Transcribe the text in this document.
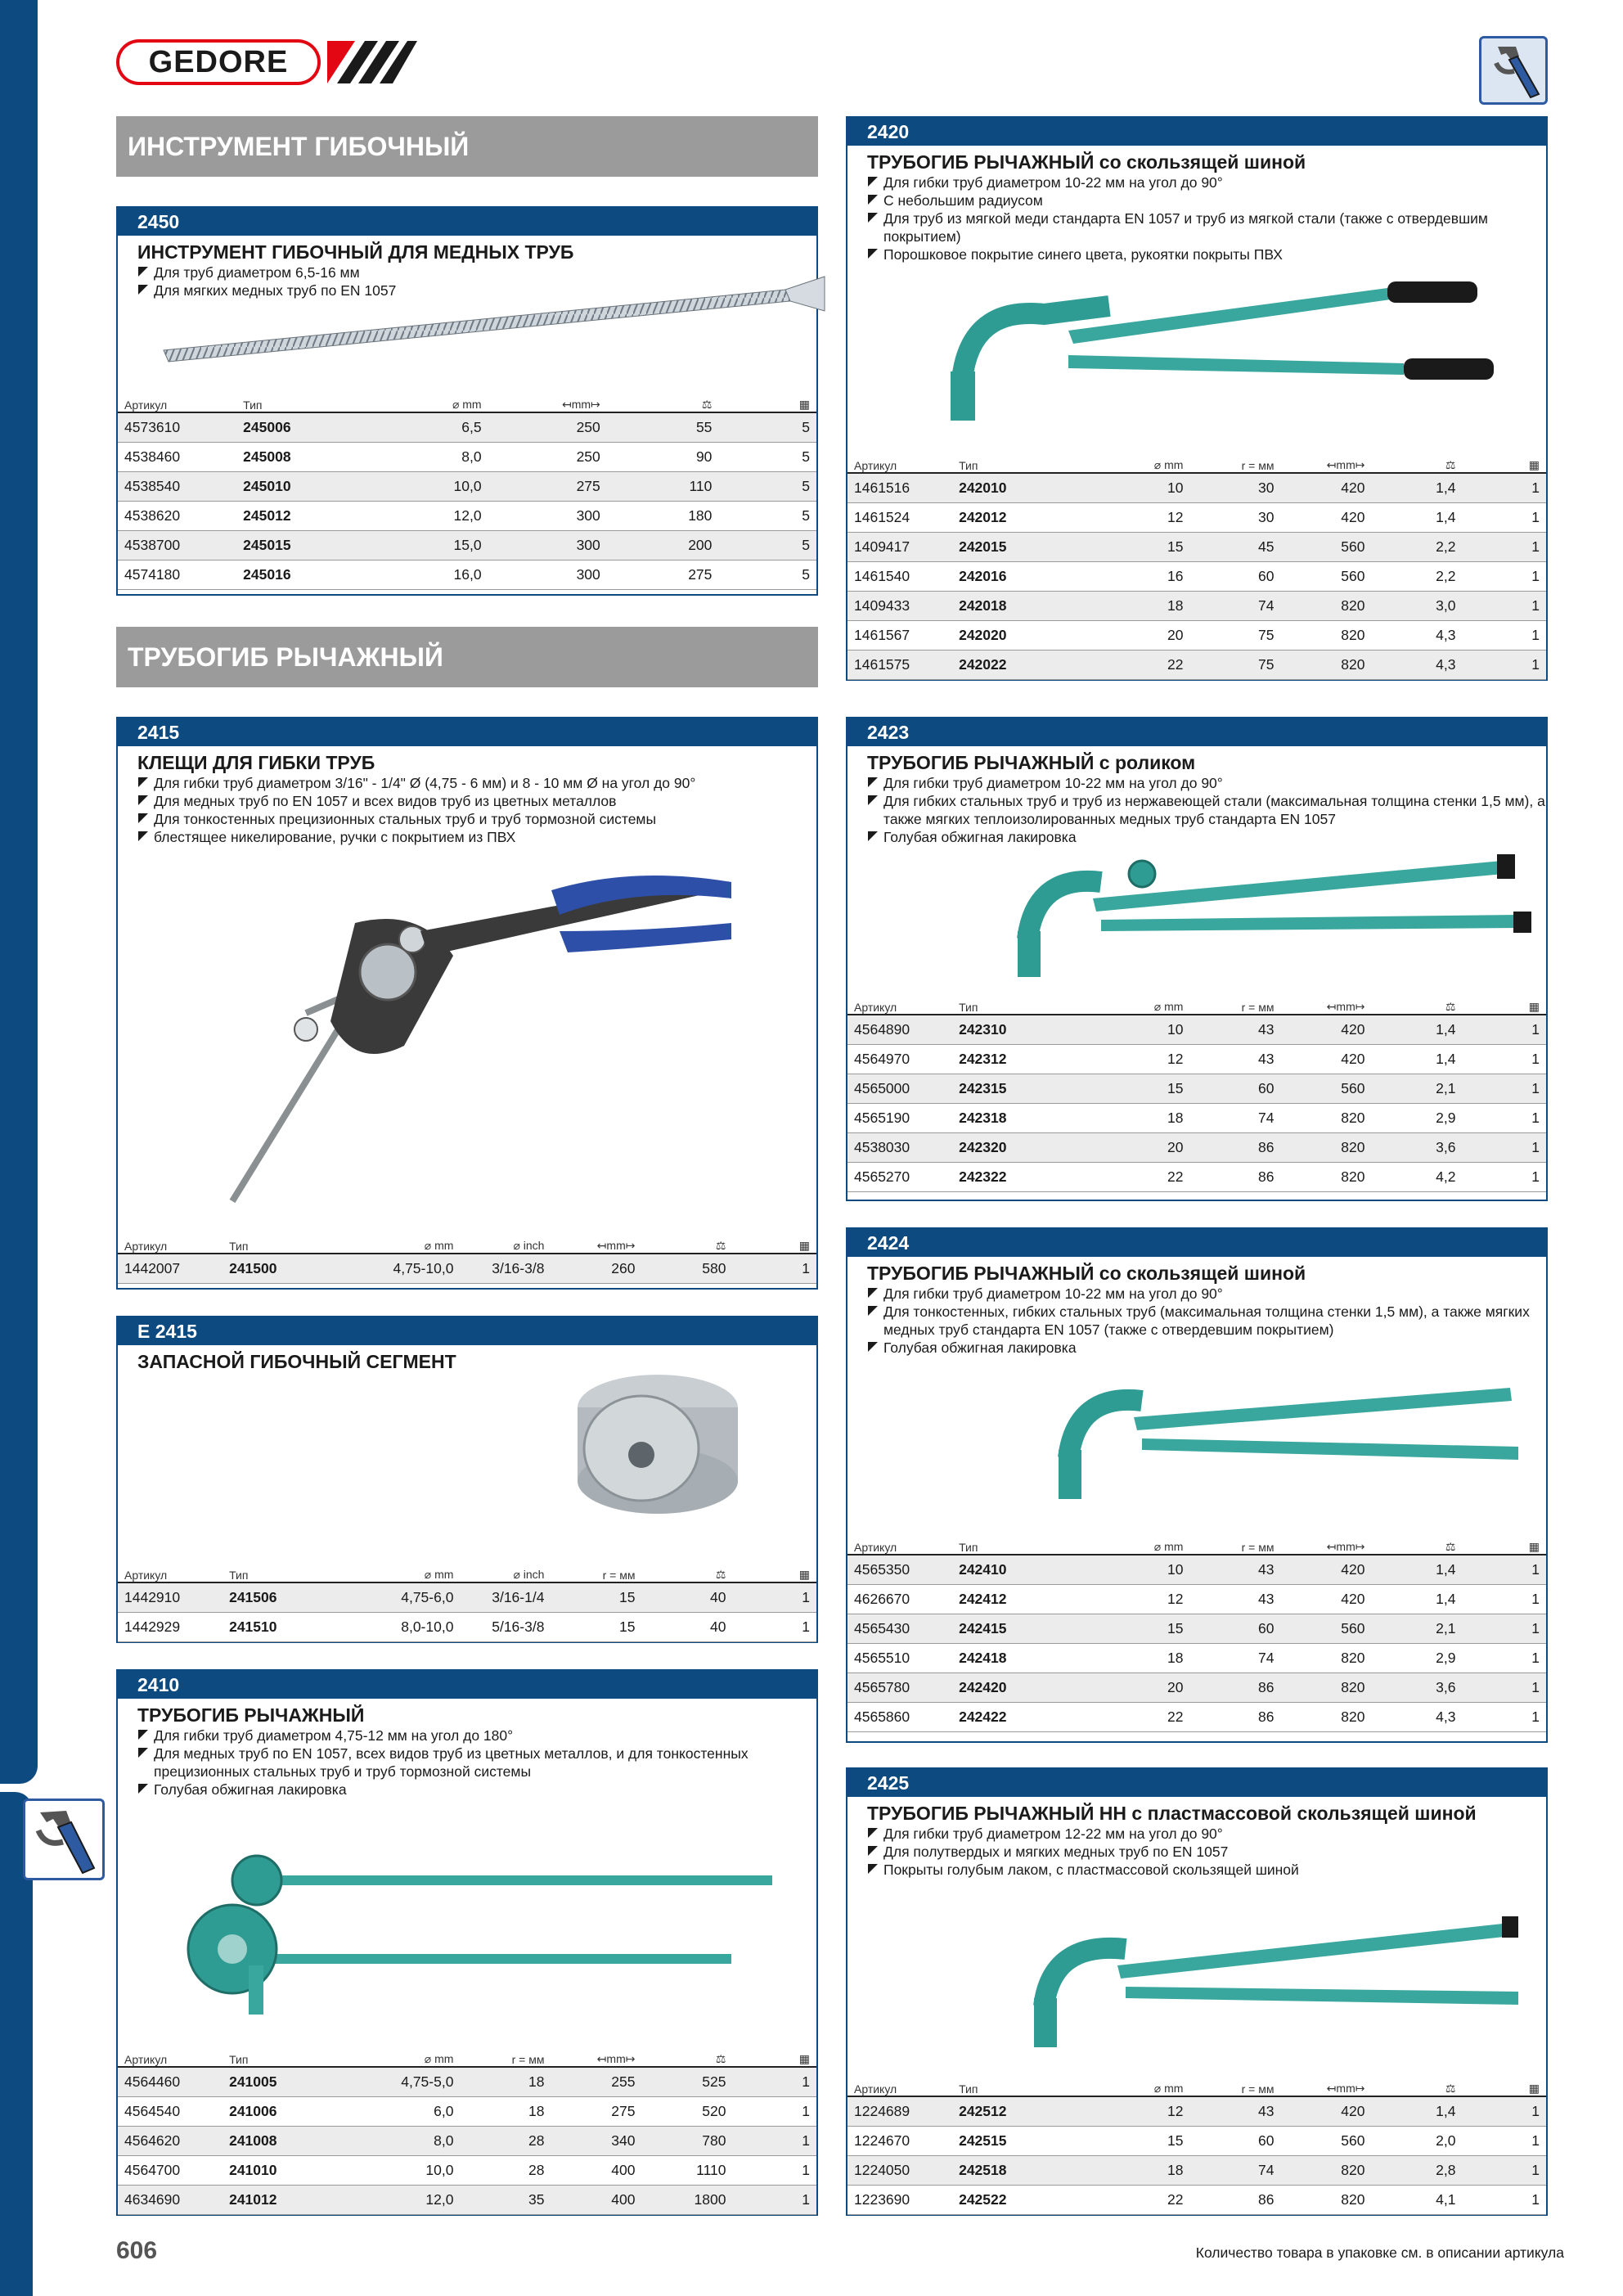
GEDORE
ИНСТРУМЕНТ ГИБОЧНЫЙ
ТРУБОГИБ РЫЧАЖНЫЙ
2450
ИНСТРУМЕНТ ГИБОЧНЫЙ ДЛЯ МЕДНЫХ ТРУБ
Для труб диаметром 6,5-16 мм
Для мягких медных труб по EN 1057
2415
КЛЕЩИ ДЛЯ ГИБКИ ТРУБ
Для гибки труб диаметром 3/16" - 1/4" Ø (4,75 - 6 мм) и 8 - 10 мм Ø на угол до 90°
Для медных труб по EN 1057 и всех видов труб из цветных металлов
Для тонкостенных прецизионных стальных труб и труб тормозной системы
блестящее никелирование, ручки с покрытием из ПВХ
E 2415
ЗАПАСНОЙ ГИБОЧНЫЙ СЕГМЕНТ
2410
ТРУБОГИБ РЫЧАЖНЫЙ
Для гибки труб диаметром 4,75-12 мм на угол до 180°
Для медных труб по EN 1057, всех видов труб из цветных металлов, и для тонкостенных прецизионных стальных труб и труб тормозной системы
Голубая обжигная лакировка
2420
ТРУБОГИБ РЫЧАЖНЫЙ со скользящей шиной
Для гибки труб диаметром 10-22 мм на угол до 90°
С небольшим радиусом
Для труб из мягкой меди стандарта EN 1057 и труб из мягкой стали (также с отвердевшим покрытием)
Порошковое покрытие синего цвета, рукоятки покрыты ПВХ
2423
ТРУБОГИБ РЫЧАЖНЫЙ с роликом
Для гибки труб диаметром 10-22 мм на угол до 90°
Для гибких стальных труб и труб из нержавеющей стали (максимальная толщина стенки 1,5 мм), а также мягких теплоизолированных медных труб стандарта EN 1057
Голубая обжигная лакировка
2424
ТРУБОГИБ РЫЧАЖНЫЙ со скользящей шиной
Для гибки труб диаметром 10-22 мм на угол до 90°
Для тонкостенных, гибких стальных труб (максимальная толщина стенки 1,5 мм), а также мягких медных труб стандарта EN 1057 (также с отвердевшим покрытием)
Голубая обжигная лакировка
2425
ТРУБОГИБ РЫЧАЖНЫЙ НН с пластмассовой скользящей шиной
Для гибки труб диаметром 12-22 мм на угол до 90°
Для полутвердых и мягких медных труб по EN 1057
Покрыты голубым лаком, с пластмассовой скользящей шиной
Артикул	Тип	⌀ mm	↤mm↦	⚖	▦
4573610	245006	6,5	250	55	5
4538460	245008	8,0	250	90	5
4538540	245010	10,0	275	110	5
4538620	245012	12,0	300	180	5
4538700	245015	15,0	300	200	5
4574180	245016	16,0	300	275	5
Артикул	Тип	⌀ mm	⌀ inch	↤mm↦	⚖	▦
1442007	241500	4,75-10,0	3/16-3/8	260	580	1
Артикул	Тип	⌀ mm	⌀ inch	r = мм	⚖	▦
1442910	241506	4,75-6,0	3/16-1/4	15	40	1
1442929	241510	8,0-10,0	5/16-3/8	15	40	1
Артикул	Тип	⌀ mm	r = мм	↤mm↦	⚖	▦
4564460	241005	4,75-5,0	18	255	525	1
4564540	241006	6,0	18	275	520	1
4564620	241008	8,0	28	340	780	1
4564700	241010	10,0	28	400	1110	1
4634690	241012	12,0	35	400	1800	1
Артикул	Тип	⌀ mm	r = мм	↤mm↦	⚖	▦
1461516	242010	10	30	420	1,4	1
1461524	242012	12	30	420	1,4	1
1409417	242015	15	45	560	2,2	1
1461540	242016	16	60	560	2,2	1
1409433	242018	18	74	820	3,0	1
1461567	242020	20	75	820	4,3	1
1461575	242022	22	75	820	4,3	1
Артикул	Тип	⌀ mm	r = мм	↤mm↦	⚖	▦
4564890	242310	10	43	420	1,4	1
4564970	242312	12	43	420	1,4	1
4565000	242315	15	60	560	2,1	1
4565190	242318	18	74	820	2,9	1
4538030	242320	20	86	820	3,6	1
4565270	242322	22	86	820	4,2	1
Артикул	Тип	⌀ mm	r = мм	↤mm↦	⚖	▦
4565350	242410	10	43	420	1,4	1
4626670	242412	12	43	420	1,4	1
4565430	242415	15	60	560	2,1	1
4565510	242418	18	74	820	2,9	1
4565780	242420	20	86	820	3,6	1
4565860	242422	22	86	820	4,3	1
Артикул	Тип	⌀ mm	r = мм	↤mm↦	⚖	▦
1224689	242512	12	43	420	1,4	1
1224670	242515	15	60	560	2,0	1
1224050	242518	18	74	820	2,8	1
1223690	242522	22	86	820	4,1	1
606	Количество товара в упаковке см. в описании артикула
